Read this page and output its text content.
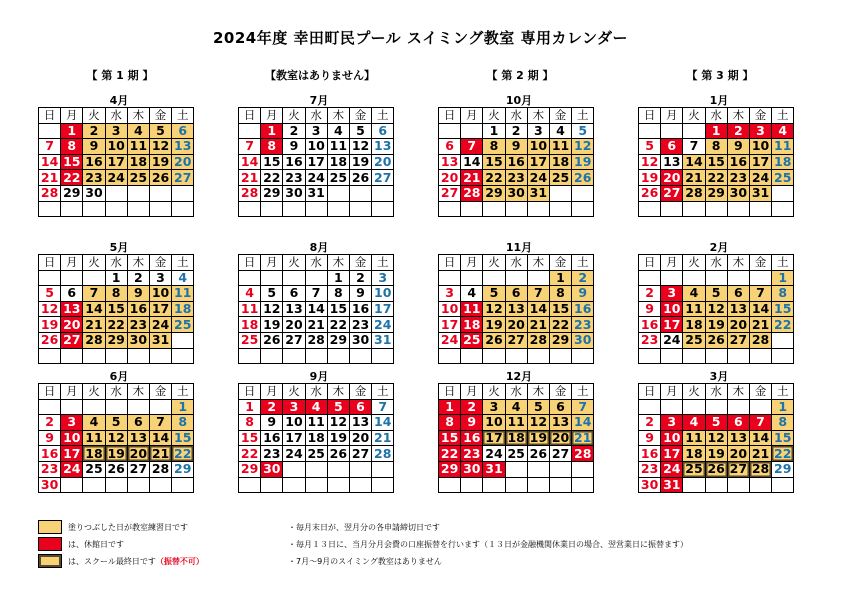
2024年度 幸田町民プール スイミング教室 専用カレンダー
【 第 1 期 】	【教室はありません】	【 第 2 期 】	【 第 3 期 】
4月
日	月	火	水	木	金	土
	1	2	3	4	5	6
7	8	9	10	11	12	13
14	15	16	17	18	19	20
21	22	23	24	25	26	27
28	29	30				

5月
日	月	火	水	木	金	土
			1	2	3	4
5	6	7	8	9	10	11
12	13	14	15	16	17	18
19	20	21	22	23	24	25
26	27	28	29	30	31	

6月
日	月	火	水	木	金	土
						1
2	3	4	5	6	7	8
9	10	11	12	13	14	15
16	17	18	19	20	21	22
23	24	25	26	27	28	29
30						
7月
日	月	火	水	木	金	土
	1	2	3	4	5	6
7	8	9	10	11	12	13
14	15	16	17	18	19	20
21	22	23	24	25	26	27
28	29	30	31			

8月
日	月	火	水	木	金	土
				1	2	3
4	5	6	7	8	9	10
11	12	13	14	15	16	17
18	19	20	21	22	23	24
25	26	27	28	29	30	31

9月
日	月	火	水	木	金	土
1	2	3	4	5	6	7
8	9	10	11	12	13	14
15	16	17	18	19	20	21
22	23	24	25	26	27	28
29	30					

10月
日	月	火	水	木	金	土
		1	2	3	4	5
6	7	8	9	10	11	12
13	14	15	16	17	18	19
20	21	22	23	24	25	26
27	28	29	30	31		

11月
日	月	火	水	木	金	土
					1	2
3	4	5	6	7	8	9
10	11	12	13	14	15	16
17	18	19	20	21	22	23
24	25	26	27	28	29	30

12月
日	月	火	水	木	金	土
1	2	3	4	5	6	7
8	9	10	11	12	13	14
15	16	17	18	19	20	21
22	23	24	25	26	27	28
29	30	31				

1月
日	月	火	水	木	金	土
			1	2	3	4
5	6	7	8	9	10	11
12	13	14	15	16	17	18
19	20	21	22	23	24	25
26	27	28	29	30	31	

2月
日	月	火	水	木	金	土
						1
2	3	4	5	6	7	8
9	10	11	12	13	14	15
16	17	18	19	20	21	22
23	24	25	26	27	28	

3月
日	月	火	水	木	金	土
						1
2	3	4	5	6	7	8
9	10	11	12	13	14	15
16	17	18	19	20	21	22
23	24	25	26	27	28	29
30	31					
塗りつぶした日が教室練習日です
は、休館日です
は、スクール最終日です（振替不可）
・毎月末日が、翌月分の各申請締切日です
・毎月１３日に、当月分月会費の口座振替を行います（１３日が金融機関休業日の場合、翌営業日に振替ます）
・7月～9月のスイミング教室はありません
